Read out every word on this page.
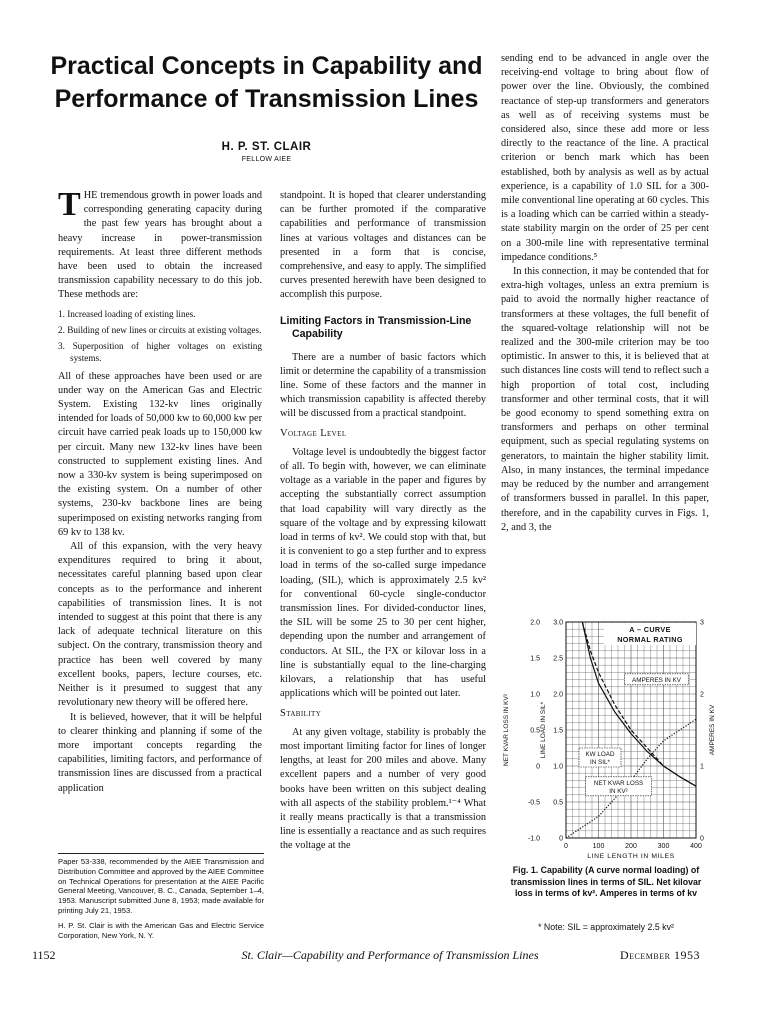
Practical Concepts in Capability and Performance of Transmission Lines
H. P. ST. CLAIR
FELLOW AIEE

THE tremendous growth in power loads and corresponding generating capacity during the past few years has brought about a heavy increase in power-transmission requirements. At least three different methods have been used to obtain the increased transmission capability necessary to do this job. These methods are:

1. Increased loading of existing lines.
2. Building of new lines or circuits at existing voltages.
3. Superposition of higher voltages on existing systems.

All of these approaches have been used or are under way on the American Gas and Electric System. Existing 132-kv lines originally intended for loads of 50,000 kw to 60,000 kw per circuit have carried peak loads up to 150,000 kw per circuit. Many new 132-kv lines have been constructed to supplement existing lines. And now a 330-kv system is being superimposed on the existing system. On a number of other systems, 230-kv backbone lines are being superimposed on existing networks ranging from 69 kv to 138 kv.

All of this expansion, with the very heavy expenditures required to bring it about, necessitates careful planning based upon clear concepts as to the performance and inherent capabilities of transmission lines. It is not intended to suggest at this point that there is any lack of adequate technical literature on this subject. On the contrary, transmission theory and practice has been well covered by many excellent books, papers, lecture courses, etc. Neither is it presumed to suggest that any revolutionary new theory will be offered here.

It is believed, however, that it will be helpful to clearer thinking and planning if some of the more important concepts regarding the capabilities, limiting factors, and performance of transmission lines are discussed from a practical application

Paper 53-338, recommended by the AIEE Transmission and Distribution Committee and approved by the AIEE Committee on Technical Operations for presentation at the AIEE Pacific General Meeting, Vancouver, B. C., Canada, September 1–4, 1953. Manuscript submitted June 8, 1953; made available for printing July 21, 1953.

H. P. St. Clair is with the American Gas and Electric Service Corporation, New York, N. Y.

standpoint. It is hoped that clearer understanding can be further promoted if the comparative capabilities and performance of transmission lines at various voltages and distances can be presented in a form that is concise, comprehensive, and easy to apply. The simplified curves presented herewith have been designed to accomplish this purpose.

Limiting Factors in Transmission-Line Capability

There are a number of basic factors which limit or determine the capability of a transmission line. Some of these factors and the manner in which transmission capability is affected thereby will be discussed from a practical standpoint.

Voltage Level

Voltage level is undoubtedly the biggest factor of all. To begin with, however, we can eliminate voltage as a variable in the paper and figures by accepting the substantially correct assumption that load capability will vary directly as the square of the voltage and by expressing kilowatt load in terms of kv². We could stop with that, but it is convenient to go a step further and to express load in terms of the so-called surge impedance loading, (SIL), which is approximately 2.5 kv² for conventional 60-cycle single-conductor transmission lines. For divided-conductor lines, the SIL will be some 25 to 30 per cent higher, depending upon the number and arrangement of conductors. At SIL, the I²X or kilovar loss in a line is substantially equal to the line-charging kilovars, a relationship that has useful applications which will be pointed out later.

Stability

At any given voltage, stability is probably the most important limiting factor for lines of longer lengths, at least for 200 miles and above. Many excellent papers and a number of very good books have been written on this subject dealing with all aspects of the stability problem.¹⁻⁴ What it really means practically is that a transmission line is essentially a reactance and as such requires the voltage at the

sending end to be advanced in angle over the receiving-end voltage to bring about flow of power over the line. Obviously, the combined reactance of step-up transformers and generators as well as of receiving systems must be considered also, since these add more or less directly to the reactance of the line. A practical criterion or bench mark which has been established, both by analysis as well as by actual experience, is a capability of 1.0 SIL for a 300-mile conventional line operating at 60 cycles. This is a loading which can be carried within a steady-state stability margin on the order of 25 per cent on a 300-mile line with representative terminal impedance conditions.⁵

In this connection, it may be contended that for extra-high voltages, unless an extra premium is paid to avoid the normally higher reactance of transformers at these voltages, the full benefit of the squared-voltage relationship will not be realized and the 300-mile criterion may be too optimistic. In answer to this, it is believed that at such distances line costs will tend to reflect such a high proportion of total cost, including transformer and other terminal costs, that it will be good economy to spend something extra on transformers and perhaps on other terminal equipment, such as special regulating systems on generators, to maintain the higher stability limit. Also, in many instances, the terminal impedance may be reduced by the number and arrangement of transformers bussed in parallel. In this paper, therefore, and in the capability curves in Figs. 1, 2, and 3, the

0	100	200	300	400
0
0.5
1.0
1.5
2.0
2.5
3.0
-1.0
-0.5
0
0.5
1.0
1.5
2.0
0
1
2
3
LINE LENGTH IN MILES
NET KVAR LOSS IN KV²	LINE LOAD IN SIL*	AMPERES IN KV
A – CURVE
NORMAL RATING
AMPERES IN KV
KW LOAD
IN SIL*
NET KVAR LOSS
IN KV²
Fig. 1. Capability (A curve normal loading) of transmission lines in terms of SIL. Net kilovar loss in terms of kv². Amperes in terms of kv
* Note: SIL = approximately 2.5 kv²
1152	St. Clair—Capability and Performance of Transmission Lines	December 1953
